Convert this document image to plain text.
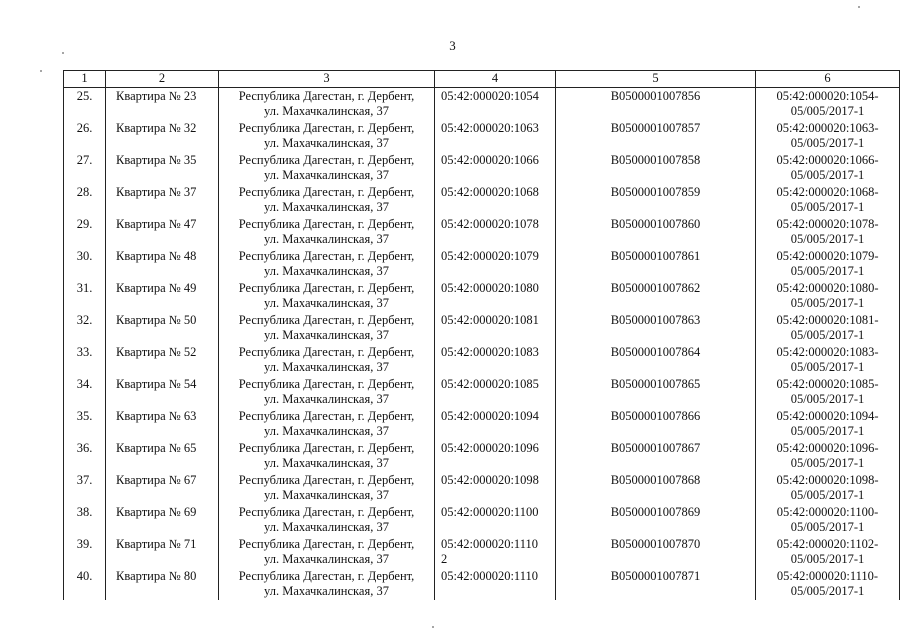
3
1	2	3	4	5	6

25.	Квартира № 23	Республика Дагестан, г. Дербент,
ул. Махачкалинская, 37	05:42:000020:1054	B0500001007856	05:42:000020:1054-
05/005/2017-1

26.	Квартира № 32	Республика Дагестан, г. Дербент,
ул. Махачкалинская, 37	05:42:000020:1063	B0500001007857	05:42:000020:1063-
05/005/2017-1

27.	Квартира № 35	Республика Дагестан, г. Дербент,
ул. Махачкалинская, 37	05:42:000020:1066	B0500001007858	05:42:000020:1066-
05/005/2017-1

28.	Квартира № 37	Республика Дагестан, г. Дербент,
ул. Махачкалинская, 37	05:42:000020:1068	B0500001007859	05:42:000020:1068-
05/005/2017-1

29.	Квартира № 47	Республика Дагестан, г. Дербент,
ул. Махачкалинская, 37	05:42:000020:1078	B0500001007860	05:42:000020:1078-
05/005/2017-1

30.	Квартира № 48	Республика Дагестан, г. Дербент,
ул. Махачкалинская, 37	05:42:000020:1079	B0500001007861	05:42:000020:1079-
05/005/2017-1

31.	Квартира № 49	Республика Дагестан, г. Дербент,
ул. Махачкалинская, 37	05:42:000020:1080	B0500001007862	05:42:000020:1080-
05/005/2017-1

32.	Квартира № 50	Республика Дагестан, г. Дербент,
ул. Махачкалинская, 37	05:42:000020:1081	B0500001007863	05:42:000020:1081-
05/005/2017-1

33.	Квартира № 52	Республика Дагестан, г. Дербент,
ул. Махачкалинская, 37	05:42:000020:1083	B0500001007864	05:42:000020:1083-
05/005/2017-1

34.	Квартира № 54	Республика Дагестан, г. Дербент,
ул. Махачкалинская, 37	05:42:000020:1085	B0500001007865	05:42:000020:1085-
05/005/2017-1

35.	Квартира № 63	Республика Дагестан, г. Дербент,
ул. Махачкалинская, 37	05:42:000020:1094	B0500001007866	05:42:000020:1094-
05/005/2017-1

36.	Квартира № 65	Республика Дагестан, г. Дербент,
ул. Махачкалинская, 37	05:42:000020:1096	B0500001007867	05:42:000020:1096-
05/005/2017-1

37.	Квартира № 67	Республика Дагестан, г. Дербент,
ул. Махачкалинская, 37	05:42:000020:1098	B0500001007868	05:42:000020:1098-
05/005/2017-1

38.	Квартира № 69	Республика Дагестан, г. Дербент,
ул. Махачкалинская, 37	05:42:000020:1100	B0500001007869	05:42:000020:1100-
05/005/2017-1

39.	Квартира № 71	Республика Дагестан, г. Дербент,
ул. Махачкалинская, 37	05:42:000020:1110
2	B0500001007870	05:42:000020:1102-
05/005/2017-1

40.	Квартира № 80	Республика Дагестан, г. Дербент,
ул. Махачкалинская, 37	05:42:000020:1110	B0500001007871	05:42:000020:1110-
05/005/2017-1
